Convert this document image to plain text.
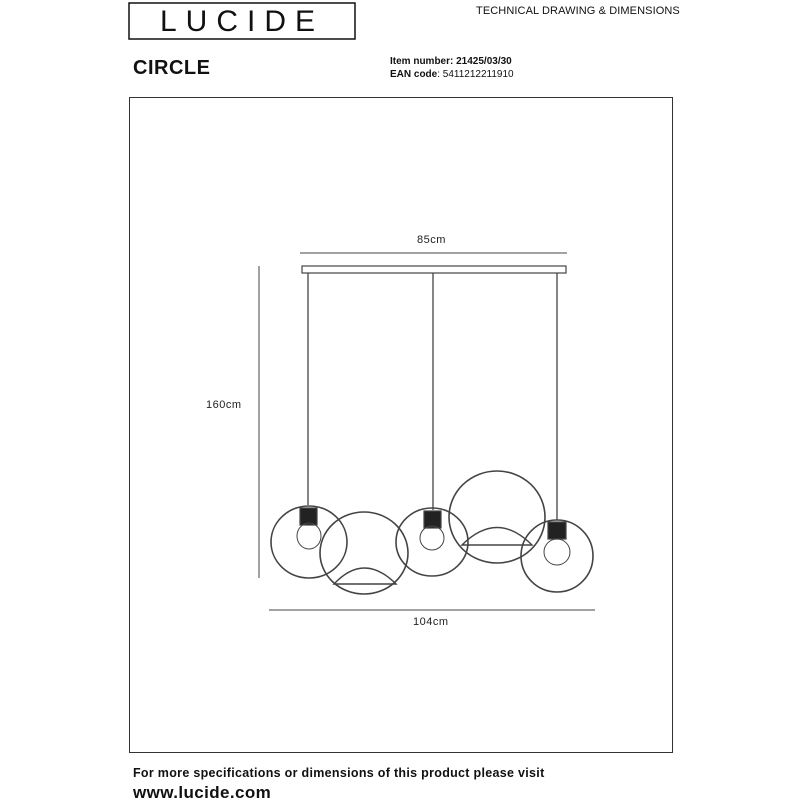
LUCIDE	TECHNICAL DRAWING & DIMENSIONS
CIRCLE	Item number: 21425/03/30
EAN code: 5411212211910
85cm
160cm
104cm
For more specifications or dimensions of this product please visit
www.lucide.com
